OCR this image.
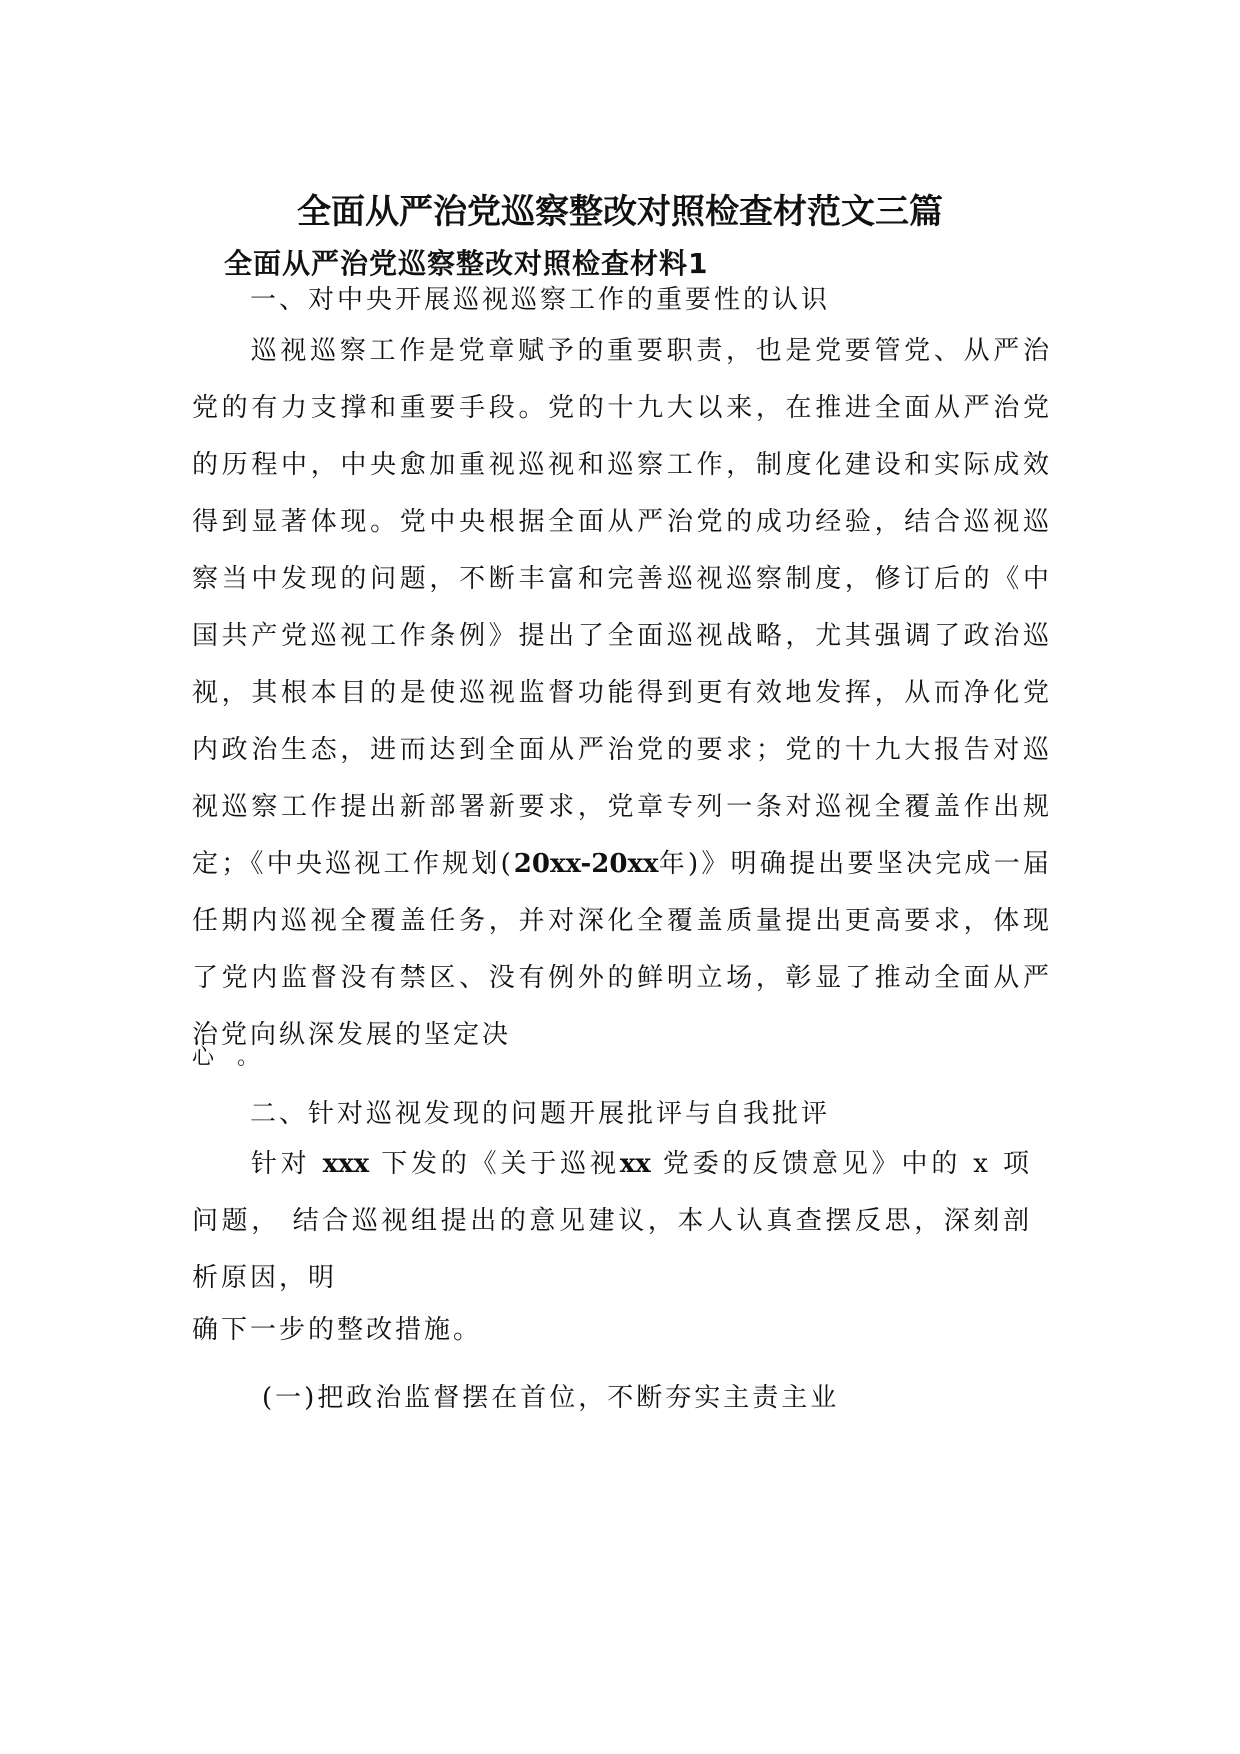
全面从严治党巡察整改对照检查材范文三篇
全面从严治党巡察整改对照检查材料1
一、对中央开展巡视巡察工作的重要性的认识
巡视巡察工作是党章赋予的重要职责，也是党要管党、从严治党的有力支撑和重要手段。党的十九大以来，在推进全面从严治党的历程中，中央愈加重视巡视和巡察工作，制度化建设和实际成效得到显著体现。党中央根据全面从严治党的成功经验，结合巡视巡察当中发现的问题，不断丰富和完善巡视巡察制度，修订后的《中国共产党巡视工作条例》提出了全面巡视战略，尤其强调了政治巡视，其根本目的是使巡视监督功能得到更有效地发挥，从而净化党内政治生态，进而达到全面从严治党的要求；党的十九大报告对巡视巡察工作提出新部署新要求，党章专列一条对巡视全覆盖作出规定；《中央巡视工作规划(20xx-20xx年)》明确提出要坚决完成一届任期内巡视全覆盖任务，并对深化全覆盖质量提出更高要求，体现了党内监督没有禁区、没有例外的鲜明立场，彰显了推动全面从严治党向纵深发展的坚定决
心 。
二、针对巡视发现的问题开展批评与自我批评
针对 xxx 下发的《关于巡视xx 党委的反馈意见》中的 x 项问题， 结合巡视组提出的意见建议，本人认真查摆反思，深刻剖析原因，明
确下一步的整改措施。
(一)把政治监督摆在首位，不断夯实主责主业
